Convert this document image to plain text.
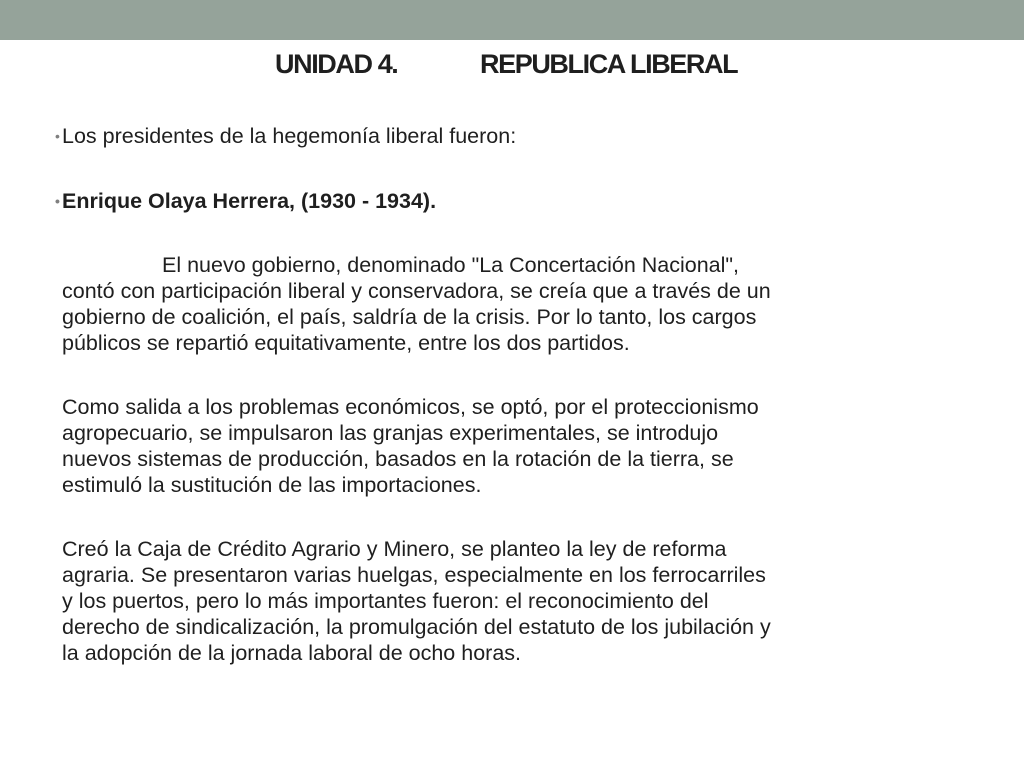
UNIDAD 4.	REPUBLICA LIBERAL
• Los presidentes de la hegemonía liberal fueron:
• Enrique Olaya Herrera, (1930 - 1934).
El nuevo gobierno, denominado "La Concertación Nacional",
contó con participación liberal y conservadora, se creía que a través de un
gobierno de coalición, el país, saldría de la crisis. Por lo tanto, los cargos
públicos se repartió equitativamente, entre los dos partidos.
Como salida a los problemas económicos, se optó, por el proteccionismo
agropecuario, se impulsaron las granjas experimentales, se introdujo
nuevos sistemas de producción, basados en la rotación de la tierra, se
estimuló la sustitución de las importaciones.
Creó la Caja de Crédito Agrario y Minero, se planteo la ley de reforma
agraria. Se presentaron varias huelgas, especialmente en los ferrocarriles
y los puertos, pero lo más importantes fueron: el reconocimiento del
derecho de sindicalización, la promulgación del estatuto de los jubilación y
la adopción de la jornada laboral de ocho horas.
